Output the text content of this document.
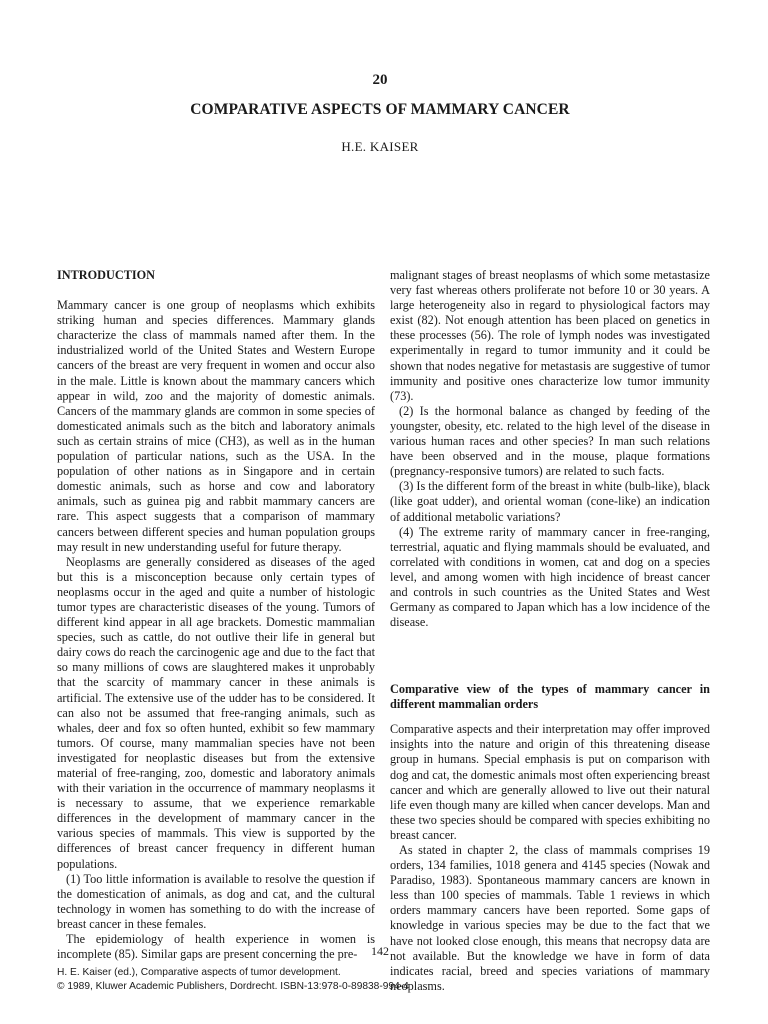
20
COMPARATIVE ASPECTS OF MAMMARY CANCER
H.E. KAISER
INTRODUCTION

Mammary cancer is one group of neoplasms which exhibits striking human and species differences. Mammary glands characterize the class of mammals named after them. In the industrialized world of the United States and Western Europe cancers of the breast are very frequent in women and occur also in the male. Little is known about the mammary cancers which appear in wild, zoo and the majority of domestic animals. Cancers of the mammary glands are common in some species of domesticated animals such as the bitch and laboratory animals such as certain strains of mice (CH3), as well as in the human population of particular nations, such as the USA. In the population of other nations as in Singapore and in certain domestic animals, such as horse and cow and laboratory animals, such as guinea pig and rabbit mammary cancers are rare. This aspect suggests that a comparison of mammary cancers between different species and human population groups may result in new understanding useful for future therapy.

Neoplasms are generally considered as diseases of the aged but this is a misconception because only certain types of neoplasms occur in the aged and quite a number of histologic tumor types are characteristic diseases of the young. Tumors of different kind appear in all age brackets. Domestic mammalian species, such as cattle, do not outlive their life in general but dairy cows do reach the carcinogenic age and due to the fact that so many millions of cows are slaughtered makes it unprobably that the scarcity of mammary cancer in these animals is artificial. The extensive use of the udder has to be considered. It can also not be assumed that free-ranging animals, such as whales, deer and fox so often hunted, exhibit so few mammary tumors. Of course, many mammalian species have not been investigated for neoplastic diseases but from the extensive material of free-ranging, zoo, domestic and laboratory animals with their variation in the occurrence of mammary neoplasms it is necessary to assume, that we experience remarkable differences in the development of mammary cancer in the various species of mammals. This view is supported by the differences of breast cancer frequency in different human populations.

(1) Too little information is available to resolve the question if the domestication of animals, as dog and cat, and the cultural technology in women has something to do with the increase of breast cancer in these females.

The epidemiology of health experience in women is incomplete (85). Similar gaps are present concerning the pre-

malignant stages of breast neoplasms of which some metastasize very fast whereas others proliferate not before 10 or 30 years. A large heterogeneity also in regard to physiological factors may exist (82). Not enough attention has been placed on genetics in these processes (56). The role of lymph nodes was investigated experimentally in regard to tumor immunity and it could be shown that nodes negative for metastasis are suggestive of tumor immunity and positive ones characterize low tumor immunity (73).

(2) Is the hormonal balance as changed by feeding of the youngster, obesity, etc. related to the high level of the disease in various human races and other species? In man such relations have been observed and in the mouse, plaque formations (pregnancy-responsive tumors) are related to such facts.

(3) Is the different form of the breast in white (bulb-like), black (like goat udder), and oriental woman (cone-like) an indication of additional metabolic variations?

(4) The extreme rarity of mammary cancer in free-ranging, terrestrial, aquatic and flying mammals should be evaluated, and correlated with conditions in women, cat and dog on a species level, and among women with high incidence of breast cancer and controls in such countries as the United States and West Germany as compared to Japan which has a low incidence of the disease.

Comparative view of the types of mammary cancer in different mammalian orders

Comparative aspects and their interpretation may offer improved insights into the nature and origin of this threatening disease group in humans. Special emphasis is put on comparison with dog and cat, the domestic animals most often experiencing breast cancer and which are generally allowed to live out their natural life even though many are killed when cancer develops. Man and these two species should be compared with species exhibiting no breast cancer.

As stated in chapter 2, the class of mammals comprises 19 orders, 134 families, 1018 genera and 4145 species (Nowak and Paradiso, 1983). Spontaneous mammary cancers are known in less than 100 species of mammals. Table 1 reviews in which orders mammary cancers have been reported. Some gaps of knowledge in various species may be due to the fact that we have not looked close enough, this means that necropsy data are not available. But the knowledge we have in form of data indicates racial, breed and species variations of mammary neoplasms.

142
H. E. Kaiser (ed.), Comparative aspects of tumor development.
© 1989, Kluwer Academic Publishers, Dordrecht. ISBN-13:978-0-89838-994-4
